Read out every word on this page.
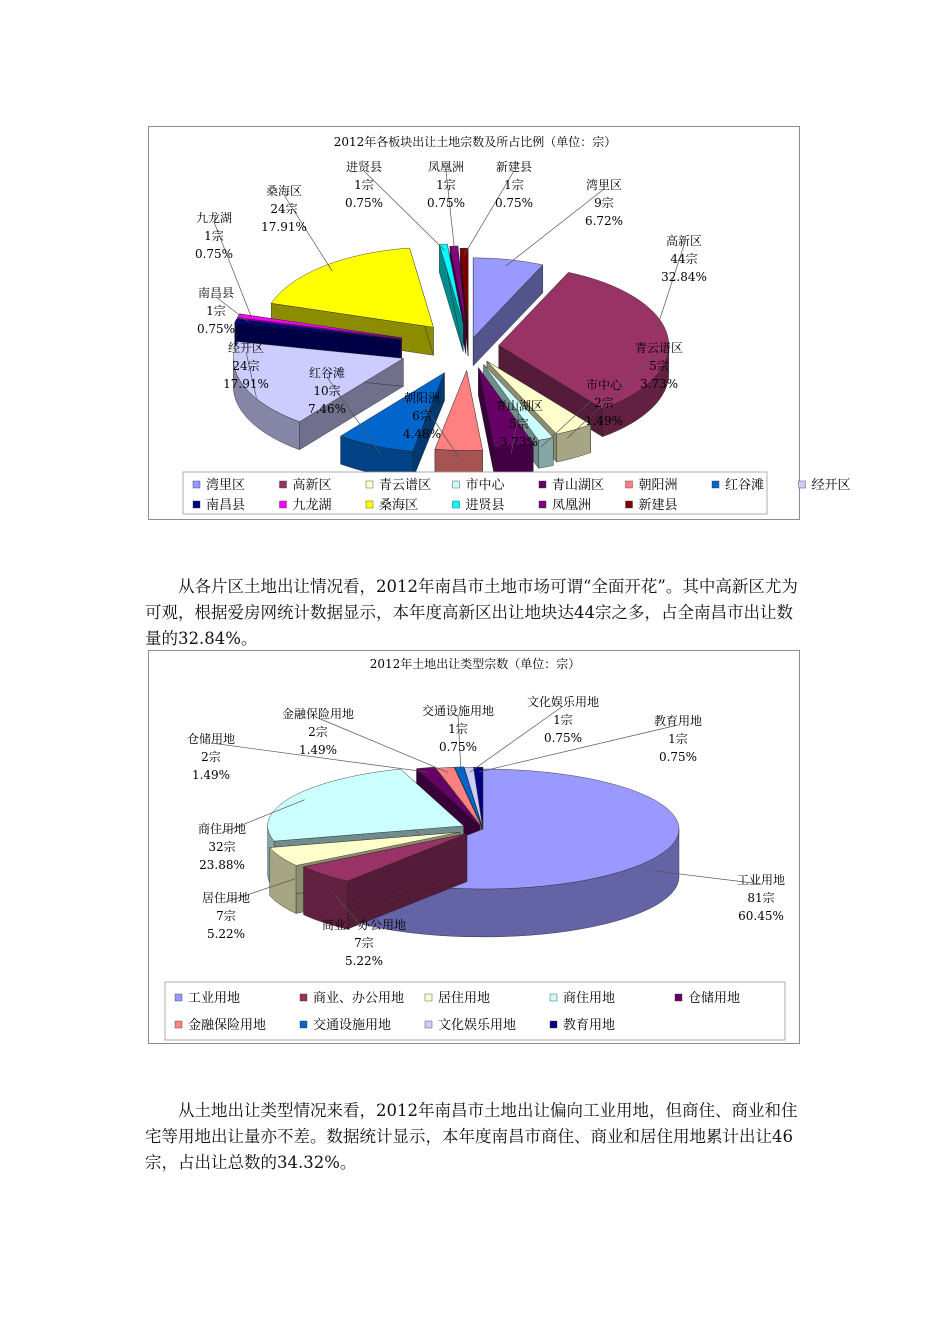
2012年各板块出让土地宗数及所占比例（单位：宗）
湾里区 9宗 6.72%
高新区 44宗 32.84%
青云谱区 5宗 3.73%
市中心 2宗 1.49%
青山湖区 5宗 3.73%
朝阳洲 6宗 4.48%
红谷滩 10宗 7.46%
经开区 24宗 17.91%
南昌县 1宗 0.75%
九龙湖 1宗 0.75%
桑海区 24宗 17.91%
进贤县 1宗 0.75%
凤凰洲 1宗 0.75%
新建县 1宗 0.75%
湾里区	高新区	青云谱区	市中心	青山湖区	朝阳洲	红谷滩	经开区
南昌县	九龙湖	桑海区	进贤县	凤凰洲	新建县

从各片区土地出让情况看，2012年南昌市土地市场可谓“全面开花”。其中高新区尤为可观，根据爱房网统计数据显示，本年度高新区出让地块达44宗之多，占全南昌市出让数量的32.84%。

2012年土地出让类型宗数（单位：宗）
工业用地 81宗 60.45%
商业、办公用地 7宗 5.22%
居住用地 7宗 5.22%
商住用地 32宗 23.88%
仓储用地 2宗 1.49%
金融保险用地 2宗 1.49%
交通设施用地 1宗 0.75%
文化娱乐用地 1宗 0.75%
教育用地 1宗 0.75%
工业用地	商业、办公用地	居住用地	商住用地	仓储用地
金融保险用地	交通设施用地	文化娱乐用地	教育用地

从土地出让类型情况来看，2012年南昌市土地出让偏向工业用地，但商住、商业和住宅等用地出让量亦不差。数据统计显示，本年度南昌市商住、商业和居住用地累计出让46宗，占出让总数的34.32%。
